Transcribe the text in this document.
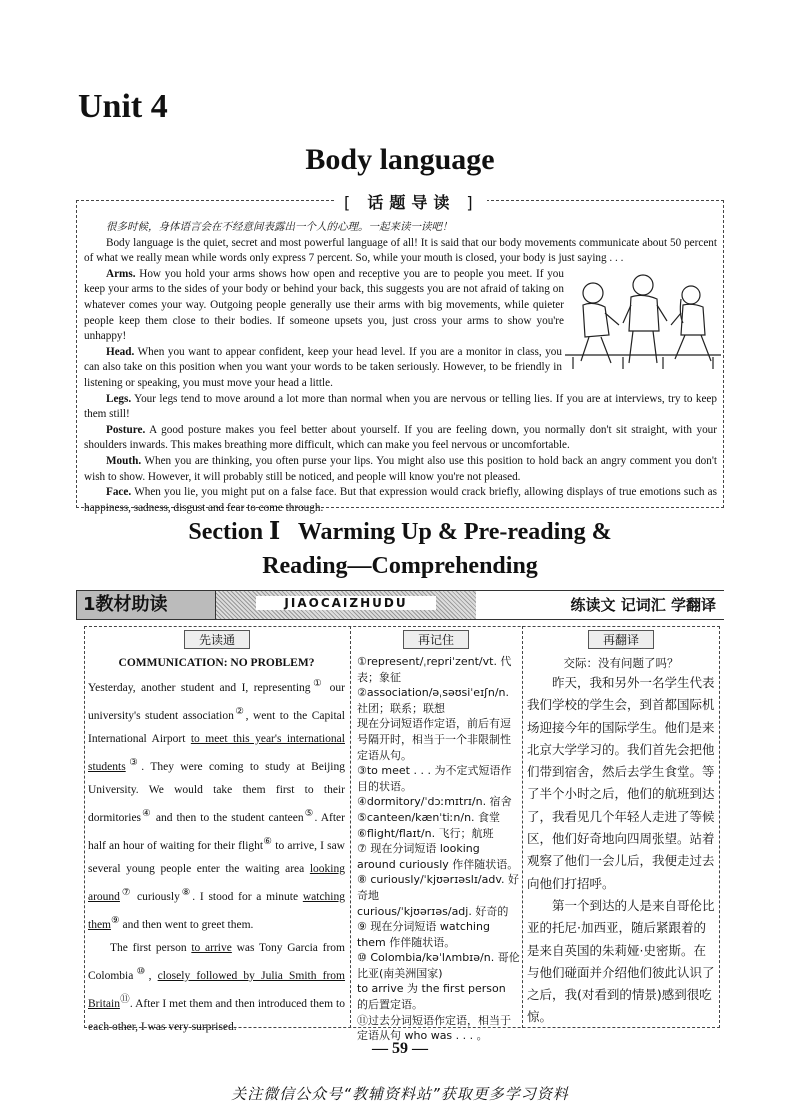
Unit 4
Body language
[ 话题导读 ]

很多时候，身体语言会在不经意间表露出一个人的心理。一起来读一读吧！

Body language is the quiet, secret and most powerful language of all! It is said that our body movements communicate about 50 percent of what we really mean while words only express 7 percent. So, while your mouth is closed, your body is just saying . . .

Arms. How you hold your arms shows how open and receptive you are to people you meet. If you keep your arms to the sides of your body or behind your back, this suggests you are not afraid of taking on whatever comes your way. Outgoing people generally use their arms with big movements, while quieter people keep them close to their bodies. If someone upsets you, just cross your arms to show you're unhappy!

Head. When you want to appear confident, keep your head level. If you are a monitor in class, you can also take on this position when you want your words to be taken seriously. However, to be friendly in listening or speaking, you must move your head a little.

Legs. Your legs tend to move around a lot more than normal when you are nervous or telling lies. If you are at interviews, try to keep them still!

Posture. A good posture makes you feel better about yourself. If you are feeling down, you normally don't sit straight, with your shoulders inwards. This makes breathing more difficult, which can make you feel nervous or uncomfortable.

Mouth. When you are thinking, you often purse your lips. You might also use this position to hold back an angry comment you don't wish to show. However, it will probably still be noticed, and people will know you're not pleased.

Face. When you lie, you might put on a false face. But that expression would crack briefly, allowing displays of true emotions such as happiness, sadness, disgust and fear to come through.

Section Ⅰ   Warming Up & Pre-reading &
Reading—Comprehending
1教材助读	JIAOCAIZHUDU	练读文 记词汇 学翻译
先读通	再记住	再翻译
COMMUNICATION: NO PROBLEM?

Yesterday, another student and I, representing① our university's student association②, went to the Capital International Airport to meet this year's international students③. They were coming to study at Beijing University. We would take them first to their dormitories④ and then to the student canteen⑤. After half an hour of waiting for their flight⑥ to arrive, I saw several young people enter the waiting area looking around⑦ curiously⑧. I stood for a minute watching them⑨ and then went to greet them.

The first person to arrive was Tony Garcia from Colombia⑩, closely followed by Julia Smith from Britain⑪. After I met them and then introduced them to each other, I was very surprised.

①represent/ˌrepriˈzent/vt. 代表；象征
②association/əˌsəʊsiˈeɪʃn/n. 社团；联系；联想
现在分词短语作定语，前后有逗号隔开时，相当于一个非限制性定语从句。
③to meet . . . 为不定式短语作目的状语。
④dormitory/ˈdɔːmɪtrɪ/n. 宿舍
⑤canteen/kænˈtiːn/n. 食堂
⑥flight/flaɪt/n. 飞行；航班
⑦ 现在分词短语 looking around curiously 作伴随状语。
⑧ curiously/ˈkjʊərɪəslɪ/adv. 好奇地
curious/ˈkjʊərɪəs/adj. 好奇的
⑨ 现在分词短语 watching them 作伴随状语。
⑩ Colombia/kəˈlʌmbɪə/n. 哥伦比亚(南美洲国家)
to arrive 为 the first person 的后置定语。
⑪过去分词短语作定语，相当于定语从句 who was . . . 。
交际：没有问题了吗？

昨天，我和另外一名学生代表我们学校的学生会，到首都国际机场迎接今年的国际学生。他们是来北京大学学习的。我们首先会把他们带到宿舍，然后去学生食堂。等了半个小时之后，他们的航班到达了，我看见几个年轻人走进了等候区，他们好奇地向四周张望。站着观察了他们一会儿后，我便走过去向他们打招呼。

第一个到达的人是来自哥伦比亚的托尼·加西亚，随后紧跟着的是来自英国的朱莉娅·史密斯。在与他们碰面并介绍他们彼此认识了之后，我(对看到的情景)感到很吃惊。

— 59 —
关注微信公众号“教辅资料站”获取更多学习资料
